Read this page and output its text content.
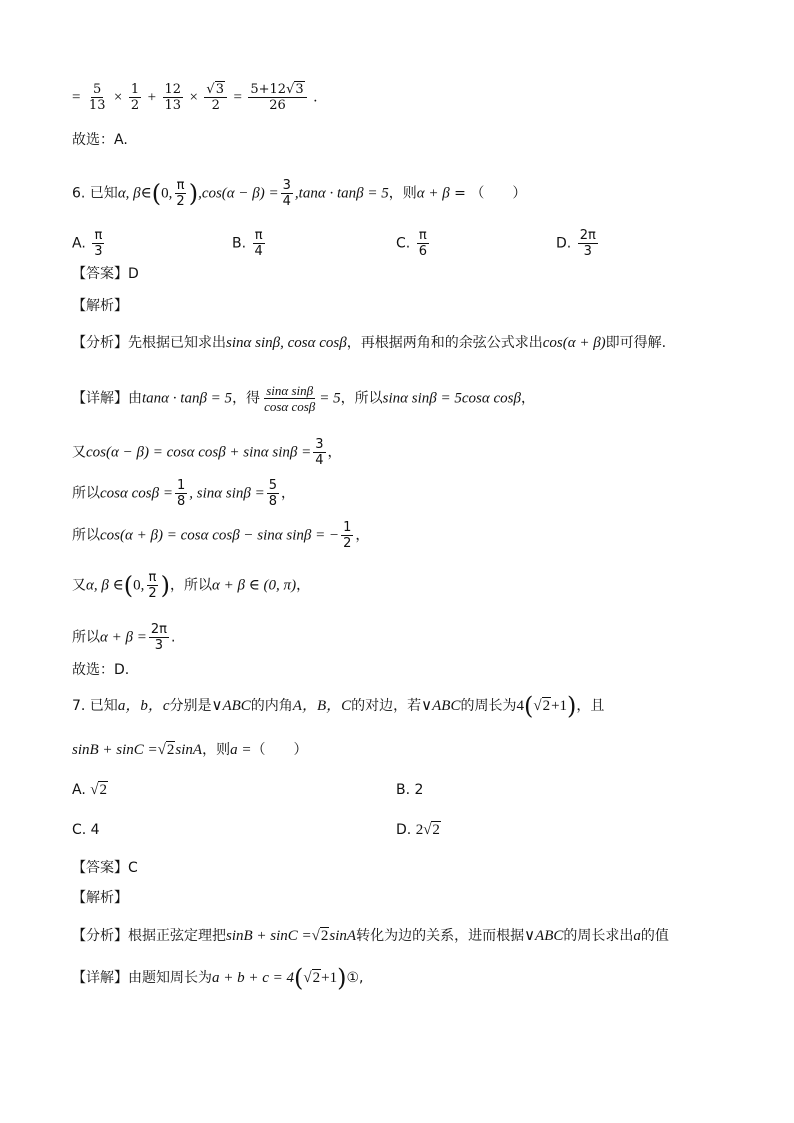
= $\frac{5}{13} \times \frac{1}{2} + \frac{12}{13} \times \frac{√3}{2} = \frac{5+12√3}{26}$ .
故选：A.
6. 已知α, β∈(0, $\frac{\pi}{2} ),\cos(\alpha - \beta) = \frac{3}{4} ,\tan\alpha \cdot \tan\beta = 5$，则α + β = （　　）
A. $\frac{\pi}{3}$	B. $\frac{\pi}{4}$	C. $\frac{\pi}{6}$	D. $\frac{2\pi}{3}$
【答案】D
【解析】
【分析】先根据已知求出sinα sinβ, cosα cosβ，再根据两角和的余弦公式求出cos(α + β)即可得解.
【详解】由tanα · tanβ = 5，得 $\frac{\text{sinα sinβ}}{\text{cosα cosβ}} = 5$，所以sinα sinβ = 5cosα cosβ，
又cos(α − β) = cosα cosβ + sinα $\sin\beta = \frac{3}{4}$ ，
所以cosα $\cos\beta = \frac{1}{8}$ , sinα $\sin\beta = \frac{5}{8}$ ，
所以cos(α + β) = cosα cosβ − sinα sinβ = − $\frac{1}{2}$ ，
又α, β ∈(0, $\frac{\pi}{2}$ )，所以α + β ∈ (0, π)，
所以$\alpha + \beta = \frac{2\pi}{3}$ .
故选：D.
7. 已知a，b，c分别是∨ABC的内角A，B，C的对边，若∨ABC的周长为4(√2+1)，且
sinB + sinC =√2sinA，则a =（　　）
A. √2	B. 2
C. 4	D. 2√2
【答案】C
【解析】
【分析】根据正弦定理把sinB + sinC =√2sinA转化为边的关系，进而根据∨ABC的周长求出a的值
【详解】由题知周长为a + b + c = 4(√2+1)①,
